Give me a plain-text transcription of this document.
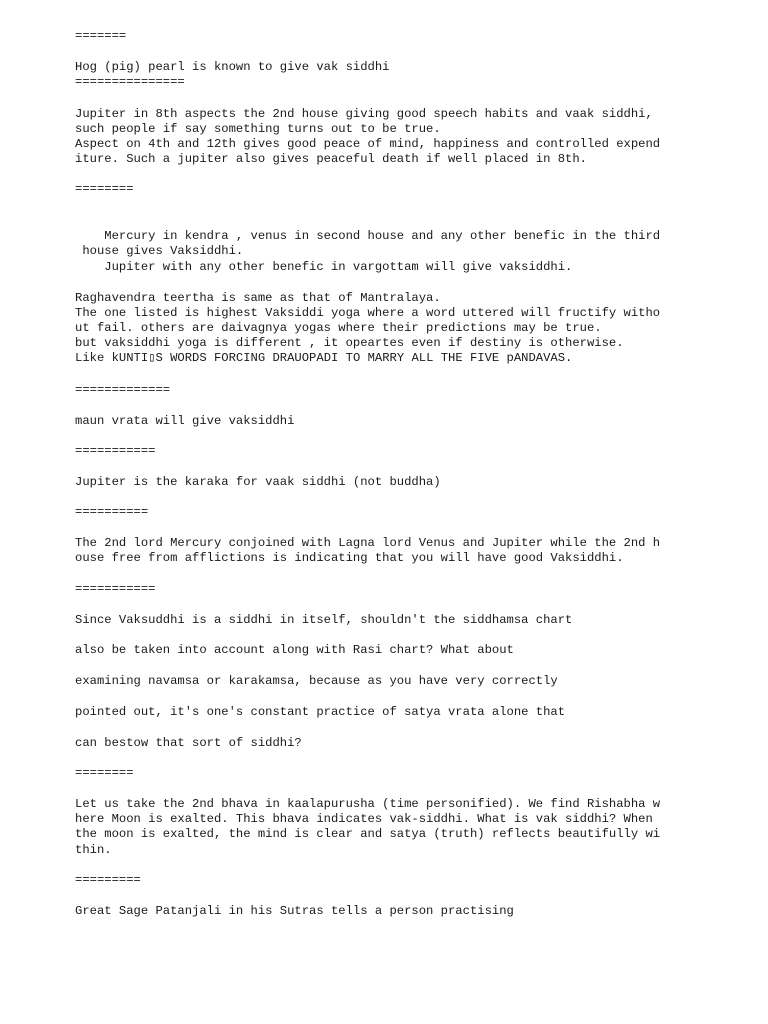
=======

Hog (pig) pearl is known to give vak siddhi

===============

Jupiter in 8th aspects the 2nd house giving good speech habits and vaak siddhi,

such people if say something turns out to be true.

Aspect on 4th and 12th gives good peace of mind, happiness and controlled expend

iture. Such a jupiter also gives peaceful death if well placed in 8th.

========

Mercury in kendra , venus in second house and any other benefic in the third

house gives Vaksiddhi.

Jupiter with any other benefic in vargottam will give vaksiddhi.

Raghavendra teertha is same as that of Mantralaya.

The one listed is highest Vaksiddi yoga where a word uttered will fructify witho

ut fail. others are daivagnya yogas where their predictions may be true.

but vaksiddhi yoga is different , it opeartes even if destiny is otherwise.

Like kUNTI▯S WORDS FORCING DRAUOPADI TO MARRY ALL THE FIVE pANDAVAS.

=============

maun vrata will give vaksiddhi

===========

Jupiter is the karaka for vaak siddhi (not buddha)

==========

The 2nd lord Mercury conjoined with Lagna lord Venus and Jupiter while the 2nd h

ouse free from afflictions is indicating that you will have good Vaksiddhi.

===========

Since Vaksuddhi is a siddhi in itself, shouldn't the siddhamsa chart

also be taken into account along with Rasi chart? What about

examining navamsa or karakamsa, because as you have very correctly

pointed out, it's one's constant practice of satya vrata alone that

can bestow that sort of siddhi?

========

Let us take the 2nd bhava in kaalapurusha (time personified). We find Rishabha w

here Moon is exalted. This bhava indicates vak-siddhi. What is vak siddhi? When

the moon is exalted, the mind is clear and satya (truth) reflects beautifully wi

thin.

=========

Great Sage Patanjali in his Sutras tells a person practising
